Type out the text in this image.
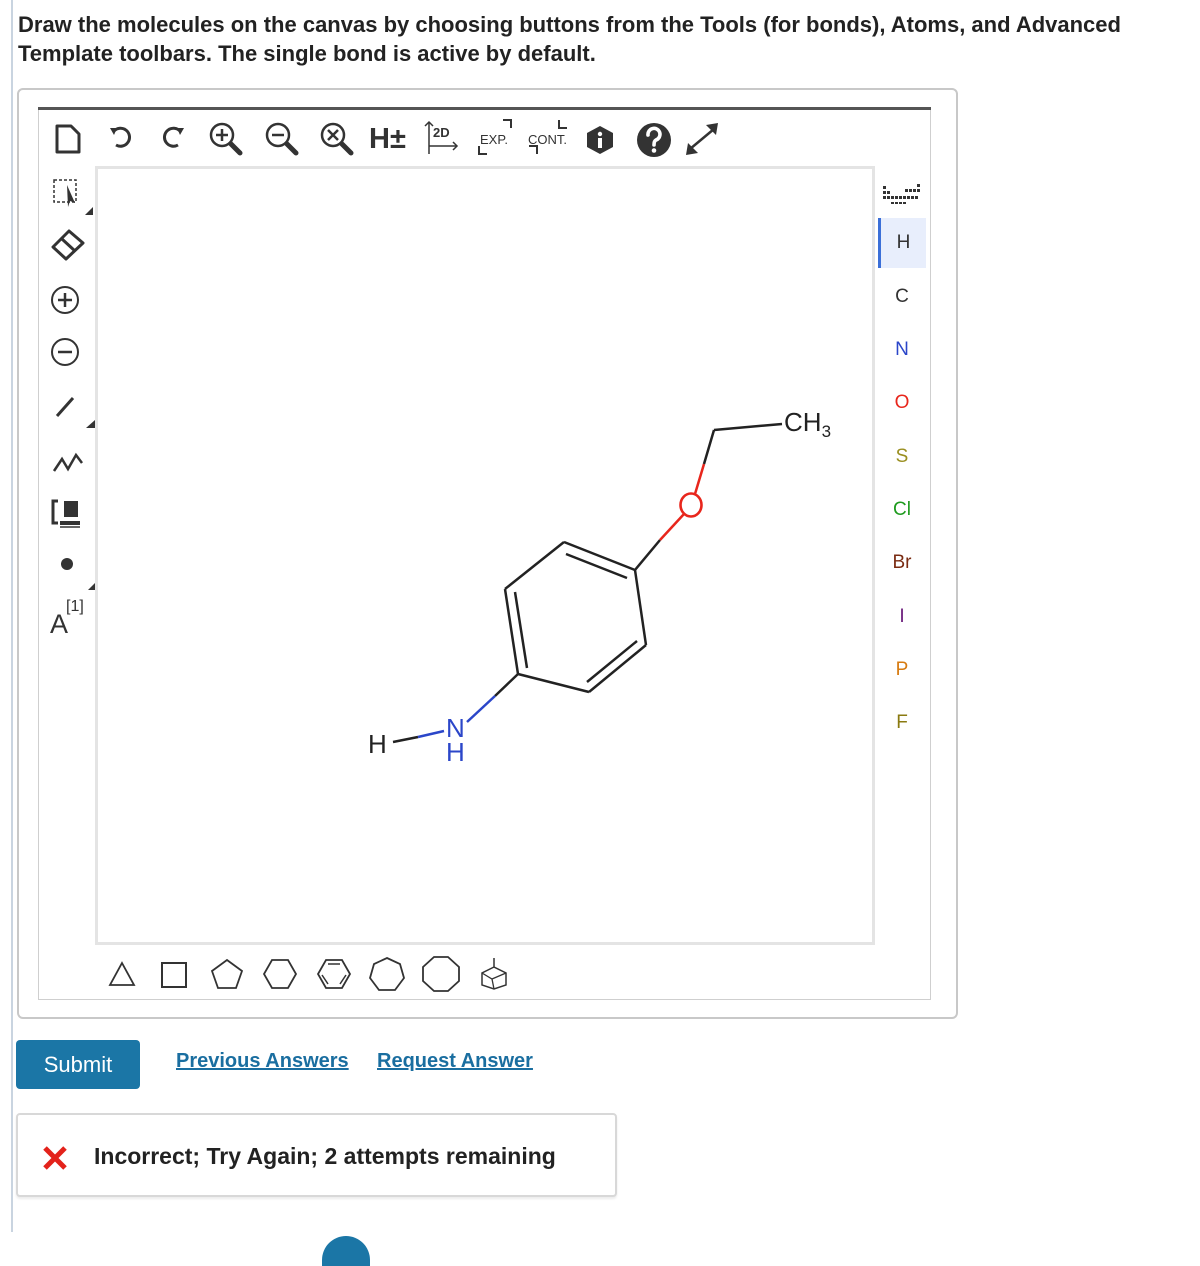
Draw the molecules on the canvas by choosing buttons from the Tools (for bonds), Atoms, and Advanced Template toolbars. The single bond is active by default.
H± 2D EXP. CONT.
A
[1]
$CH_3$
N
H
H
H
C
N
O
S
Cl
Br
I
P
F
Submit	Previous Answers Request Answer
Incorrect; Try Again; 2 attempts remaining
